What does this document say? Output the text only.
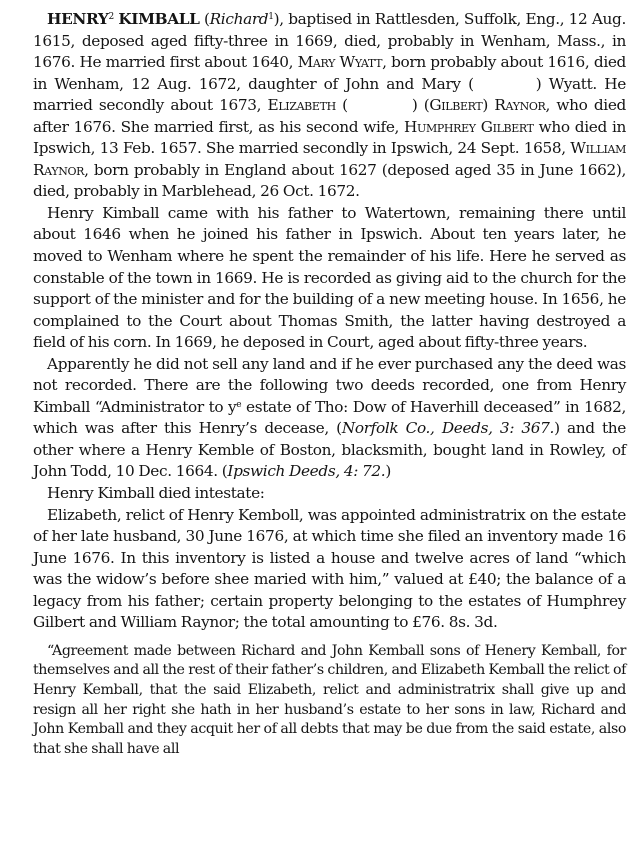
HENRY$^2$ KIMBALL (Richard$^1$), baptised in Rattlesden, Suffolk, Eng., 12 Aug. 1615, deposed aged fifty-three in 1669, died, probably in Wenham, Mass., in 1676. He married first about 1640, Mary Wyatt, born probably about 1616, died in Wenham, 12 Aug. 1672, daughter of John and Mary (	) Wyatt. He married secondly about 1673, Elizabeth (	) (Gilbert) Raynor, who died after 1676. She married first, as his second wife, Humphrey Gilbert who died in Ipswich, 13 Feb. 1657. She married secondly in Ipswich, 24 Sept. 1658, William Raynor, born probably in England about 1627 (deposed aged 35 in June 1662), died, probably in Marblehead, 26 Oct. 1672.

Henry Kimball came with his father to Watertown, remaining there until about 1646 when he joined his father in Ipswich. About ten years later, he moved to Wenham where he spent the remainder of his life. Here he served as constable of the town in 1669. He is recorded as giving aid to the church for the support of the minister and for the building of a new meeting house. In 1656, he complained to the Court about Thomas Smith, the latter having destroyed a field of his corn. In 1669, he deposed in Court, aged about fifty-three years.

Apparently he did not sell any land and if he ever purchased any the deed was not recorded. There are the following two deeds recorded, one from Henry Kimball “Administrator to $y^e$ estate of Tho: Dow of Haverhill deceased” in 1682, which was after this Henry’s decease, (Norfolk Co., Deeds, 3: 367.) and the other where a Henry Kemble of Boston, blacksmith, bought land in Rowley, of John Todd, 10 Dec. 1664. (Ipswich Deeds, 4: 72.)

Henry Kimball died intestate:

Elizabeth, relict of Henry Kemboll, was appointed administratrix on the estate of her late husband, 30 June 1676, at which time she filed an inventory made 16 June 1676. In this inventory is listed a house and twelve acres of land “which was the widow’s before shee maried with him,” valued at £40; the balance of a legacy from his father; certain property belonging to the estates of Humphrey Gilbert and William Raynor; the total amounting to £76. 8s. 3d.

“Agreement made between Richard and John Kemball sons of Henery Kemball, for themselves and all the rest of their father’s children, and Elizabeth Kemball the relict of Henry Kemball, that the said Elizabeth, relict and administratrix shall give up and resign all her right she hath in her husband’s estate to her sons in law, Richard and John Kemball and they acquit her of all debts that may be due from the said estate, also that she shall have all
